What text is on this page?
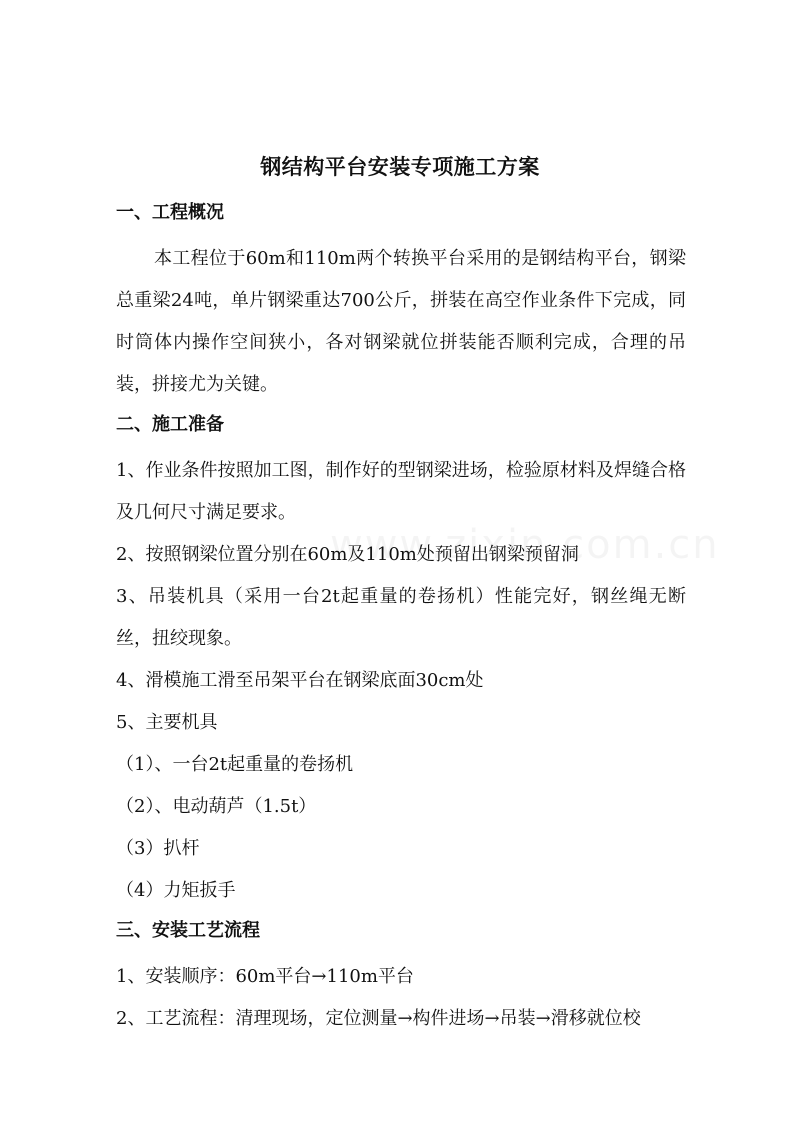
钢结构平台安装专项施工方案
一、工程概况

本工程位于60m和110m两个转换平台采用的是钢结构平台，钢梁总重梁24吨，单片钢梁重达700公斤，拼装在高空作业条件下完成，同时筒体内操作空间狭小，各对钢梁就位拼装能否顺利完成，合理的吊装，拼接尤为关键。

二、施工准备

1、作业条件按照加工图，制作好的型钢梁进场，检验原材料及焊缝合格及几何尺寸满足要求。

2、按照钢梁位置分别在60m及110m处预留出钢梁预留洞

3、吊装机具（采用一台2t起重量的卷扬机）性能完好，钢丝绳无断丝，扭绞现象。

4、滑模施工滑至吊架平台在钢梁底面30cm处

5、主要机具

（1）、一台2t起重量的卷扬机

（2）、电动葫芦（1.5t）

（3）扒杆

（4）力矩扳手

三、安装工艺流程

1、安装顺序：60m平台→110m平台

2、工艺流程：清理现场，定位测量→构件进场→吊装→滑移就位校
